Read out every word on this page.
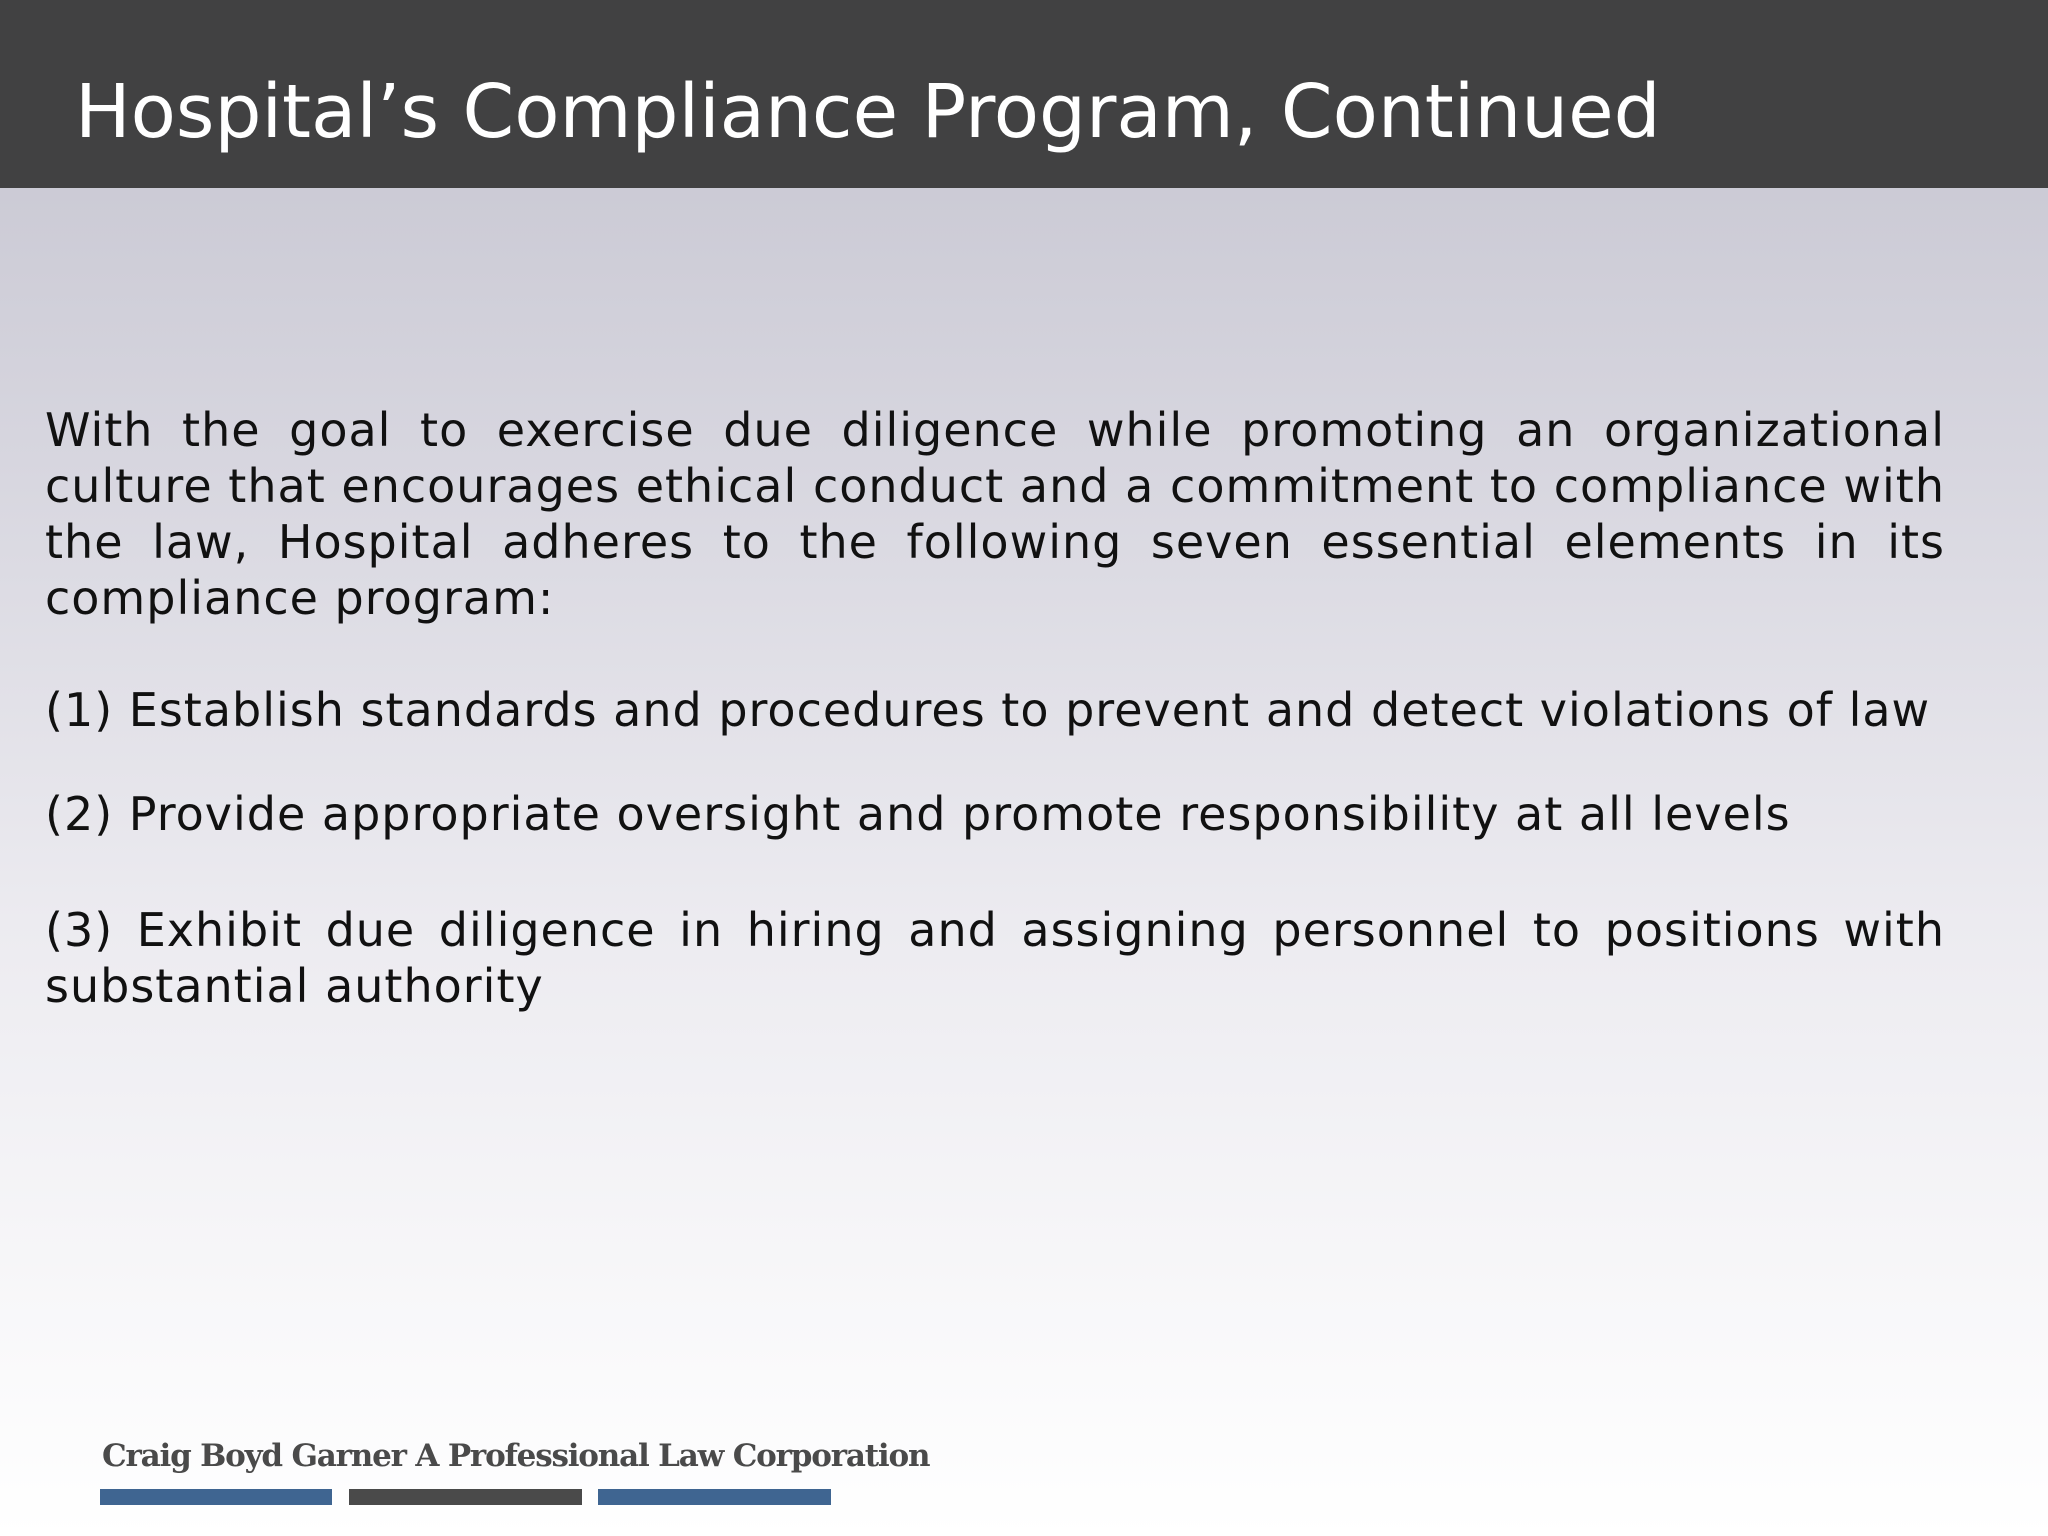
Hospital’s Compliance Program, Continued

With the goal to exercise due diligence while promoting an organizational culture that encourages ethical conduct and a commitment to compliance with the law, Hospital adheres to the following seven essential elements in its compliance program:

(1) Establish standards and procedures to prevent and detect violations of law

(2) Provide appropriate oversight and promote responsibility at all levels

(3) Exhibit due diligence in hiring and assigning personnel to positions with substantial authority

Craig Boyd Garner A Professional Law Corporation
